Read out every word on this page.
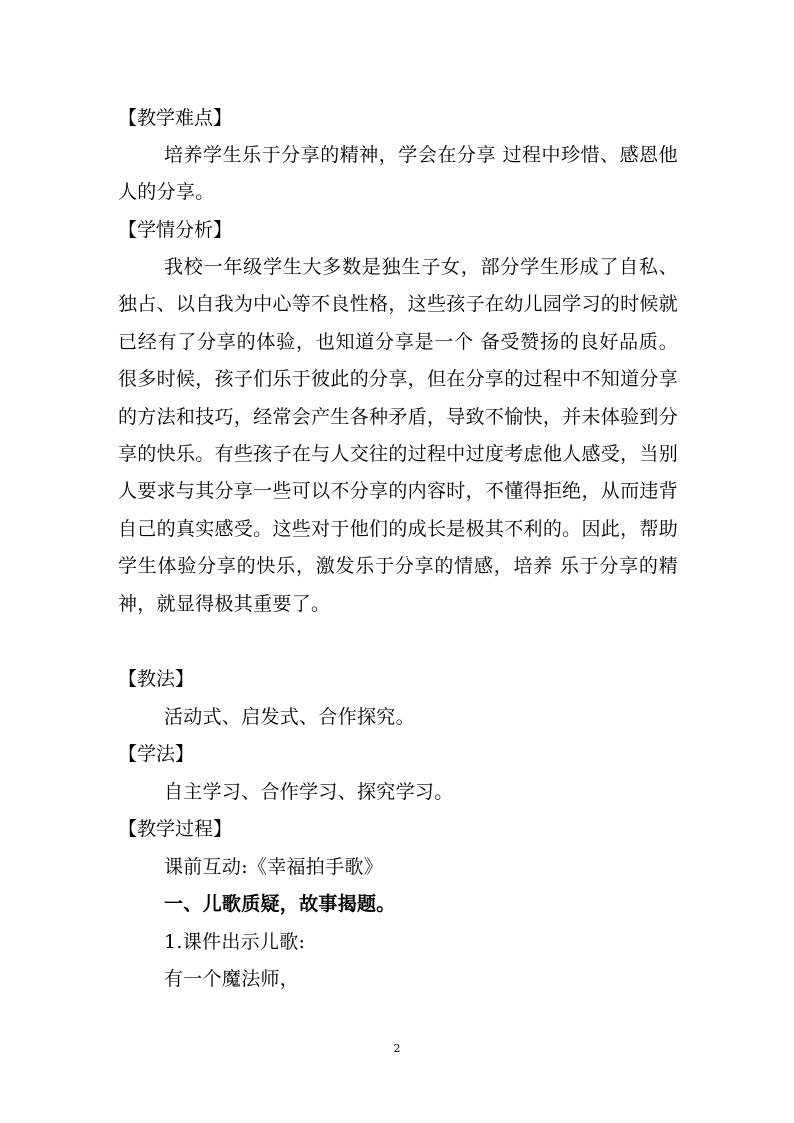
【教学难点】
培养学生乐于分享的精神，学会在分享 过程中珍惜、感恩他人的分享。
【学情分析】
我校一年级学生大多数是独生子女，部分学生形成了自私、独占、以自我为中心等不良性格，这些孩子在幼儿园学习的时候就已经有了分享的体验，也知道分享是一个 备受赞扬的良好品质。很多时候，孩子们乐于彼此的分享，但在分享的过程中不知道分享的方法和技巧，经常会产生各种矛盾，导致不愉快，并未体验到分享的快乐。有些孩子在与人交往的过程中过度考虑他人感受，当别人要求与其分享一些可以不分享的内容时，不懂得拒绝，从而违背自己的真实感受。这些对于他们的成长是极其不利的。因此，帮助学生体验分享的快乐，激发乐于分享的情感，培养 乐于分享的精神，就显得极其重要了。
【教法】
活动式、启发式、合作探究。
【学法】
自主学习、合作学习、探究学习。
【教学过程】
课前互动:《幸福拍手歌》
一、儿歌质疑，故事揭题。
1.课件出示儿歌:
有一个魔法师，
2
